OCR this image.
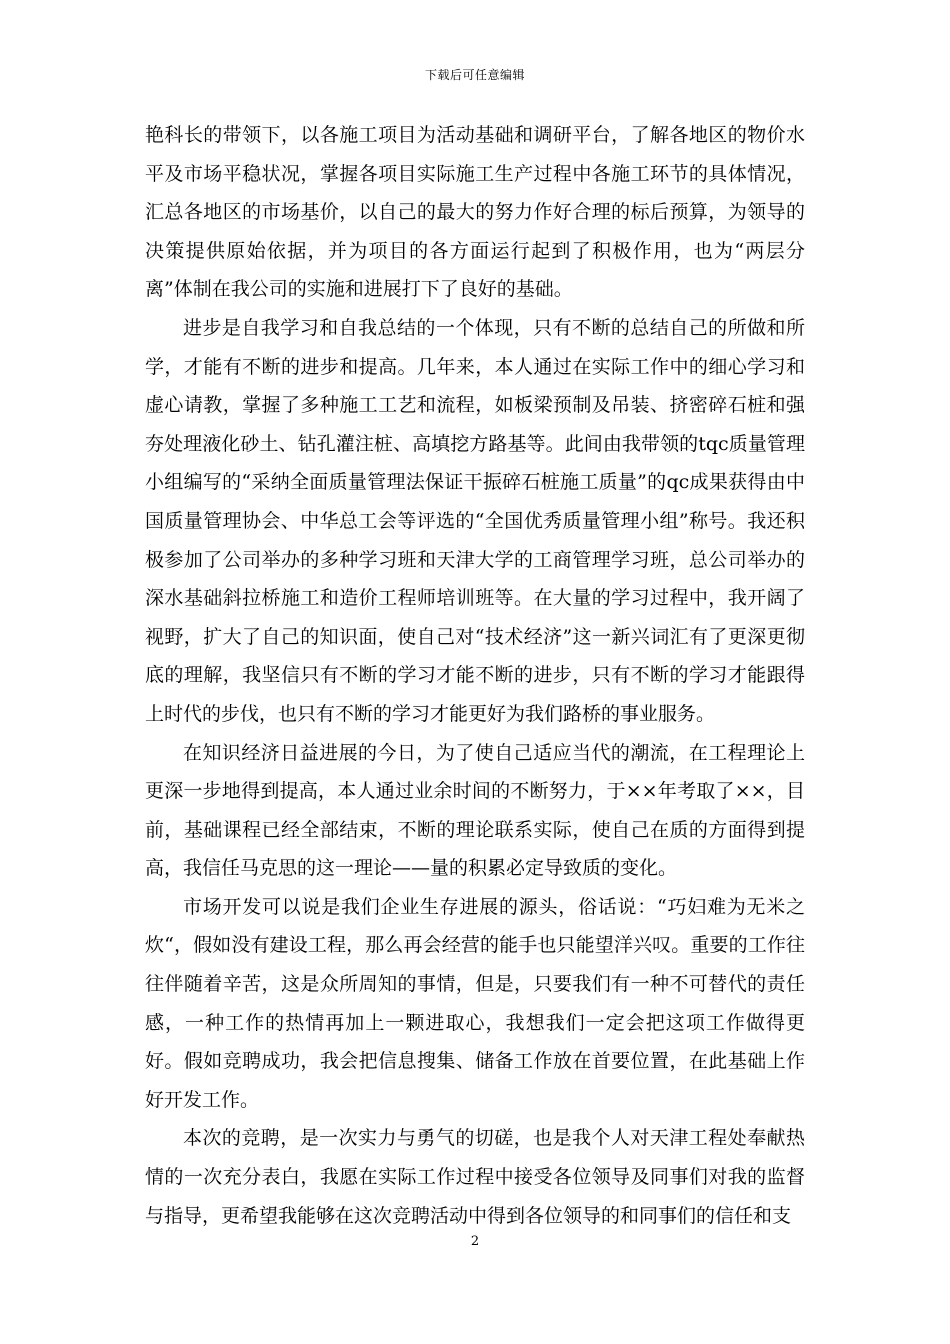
下载后可任意编辑

艳科长的带领下，以各施工项目为活动基础和调研平台，了解各地区的物价水平及市场平稳状况，掌握各项目实际施工生产过程中各施工环节的具体情况，汇总各地区的市场基价，以自己的最大的努力作好合理的标后预算，为领导的决策提供原始依据，并为项目的各方面运行起到了积极作用，也为“两层分离”体制在我公司的实施和进展打下了良好的基础。

进步是自我学习和自我总结的一个体现，只有不断的总结自己的所做和所学，才能有不断的进步和提高。几年来，本人通过在实际工作中的细心学习和虚心请教，掌握了多种施工工艺和流程，如板梁预制及吊装、挤密碎石桩和强夯处理液化砂土、钻孔灌注桩、高填挖方路基等。此间由我带领的tqc质量管理小组编写的“采纳全面质量管理法保证干振碎石桩施工质量”的qc成果获得由中国质量管理协会、中华总工会等评选的“全国优秀质量管理小组”称号。我还积极参加了公司举办的多种学习班和天津大学的工商管理学习班，总公司举办的深水基础斜拉桥施工和造价工程师培训班等。在大量的学习过程中，我开阔了视野，扩大了自己的知识面，使自己对“技术经济”这一新兴词汇有了更深更彻底的理解，我坚信只有不断的学习才能不断的进步，只有不断的学习才能跟得上时代的步伐，也只有不断的学习才能更好为我们路桥的事业服务。

在知识经济日益进展的今日，为了使自己适应当代的潮流，在工程理论上更深一步地得到提高，本人通过业余时间的不断努力，于××年考取了××，目前，基础课程已经全部结束，不断的理论联系实际，使自己在质的方面得到提高，我信任马克思的这一理论——量的积累必定导致质的变化。

市场开发可以说是我们企业生存进展的源头，俗话说：“巧妇难为无米之炊“，假如没有建设工程，那么再会经营的能手也只能望洋兴叹。重要的工作往往伴随着辛苦，这是众所周知的事情，但是，只要我们有一种不可替代的责任感，一种工作的热情再加上一颗进取心，我想我们一定会把这项工作做得更好。假如竞聘成功，我会把信息搜集、储备工作放在首要位置，在此基础上作好开发工作。

本次的竞聘，是一次实力与勇气的切磋，也是我个人对天津工程处奉献热情的一次充分表白，我愿在实际工作过程中接受各位领导及同事们对我的监督与指导，更希望我能够在这次竞聘活动中得到各位领导的和同事们的信任和支

2
